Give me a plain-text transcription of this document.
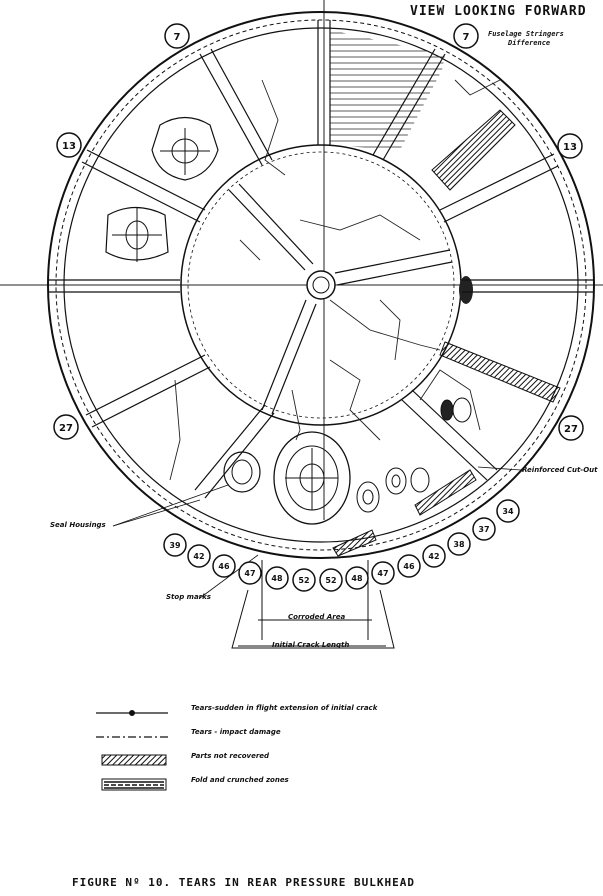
VIEW LOOKING FORWARD
Fuselage Stringers
Difference
7	7
13	13
27	27
39
42
46
47
48 52 52 48
47
46
42
38
37
34
Reinforced Cut-Out
Seal Housings
Stop marks
Corroded Area
Initial Crack Length
Tears-sudden in flight extension of initial crack
Tears - impact damage
Parts not recovered
Fold and crunched zones
FIGURE Nº 10. TEARS IN REAR PRESSURE BULKHEAD
